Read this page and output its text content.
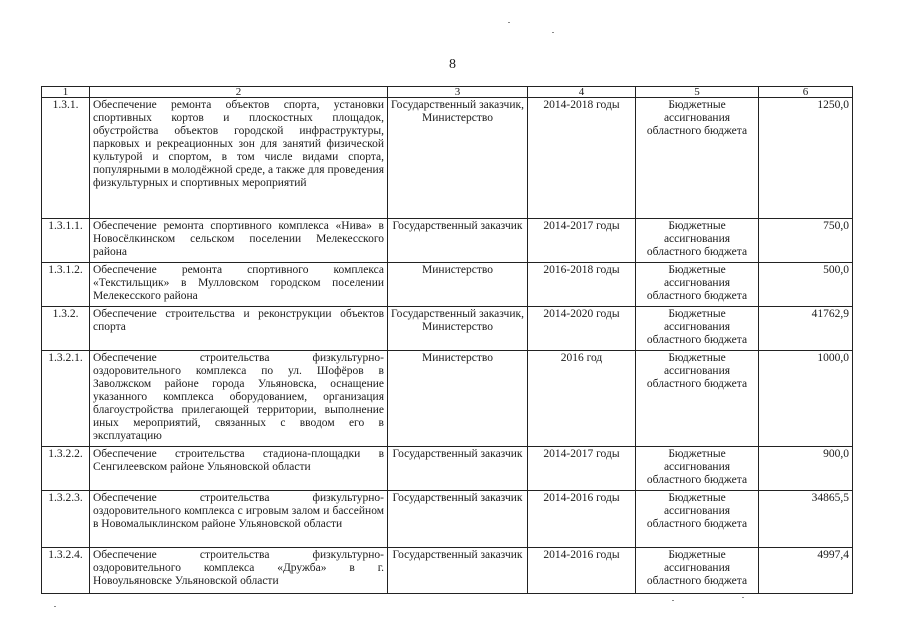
8
1	2	3	4	5	6
1.3.1.	Обеспечение ремонта объектов спорта, установки спортивных кортов и плоскостных площадок, обустройства объектов городской инфраструктуры, парковых и рекреационных зон для занятий физической культурой и спортом, в том числе видами спорта, популярными в молодёжной среде, а также для проведения физкультурных и спортивных мероприятий	Государственный заказчик, Министерство	2014-2018 годы	Бюджетные ассигнования областного бюджета	1250,0
1.3.1.1.	Обеспечение ремонта спортивного комплекса «Нива» в Новосёлкинском сельском поселении Мелекесского района	Государственный заказчик	2014-2017 годы	Бюджетные ассигнования областного бюджета	750,0
1.3.1.2.	Обеспечение ремонта спортивного комплекса «Текстильщик» в Мулловском городском поселении Мелекесского района	Министерство	2016-2018 годы	Бюджетные ассигнования областного бюджета	500,0
1.3.2.	Обеспечение строительства и реконструкции объектов спорта	Государственный заказчик, Министерство	2014-2020 годы	Бюджетные ассигнования областного бюджета	41762,9
1.3.2.1.	Обеспечение строительства физкультурно-оздоровительного комплекса по ул. Шофёров в Заволжском районе города Ульяновска, оснащение указанного комплекса оборудованием, организация благоустройства прилегающей территории, выполнение иных мероприятий, связанных с вводом его в эксплуатацию	Министерство	2016 год	Бюджетные ассигнования областного бюджета	1000,0
1.3.2.2.	Обеспечение строительства стадиона-площадки в Сенгилеевском районе Ульяновской области	Государственный заказчик	2014-2017 годы	Бюджетные ассигнования областного бюджета	900,0
1.3.2.3.	Обеспечение строительства физкультурно-оздоровительного комплекса с игровым залом и бассейном в Новомалыклинском районе Ульяновской области	Государственный заказчик	2014-2016 годы	Бюджетные ассигнования областного бюджета	34865,5
1.3.2.4.	Обеспечение строительства физкультурно-оздоровительного комплекса «Дружба» в г. Новоульяновске Ульяновской области	Государственный заказчик	2014-2016 годы	Бюджетные ассигнования областного бюджета	4997,4
